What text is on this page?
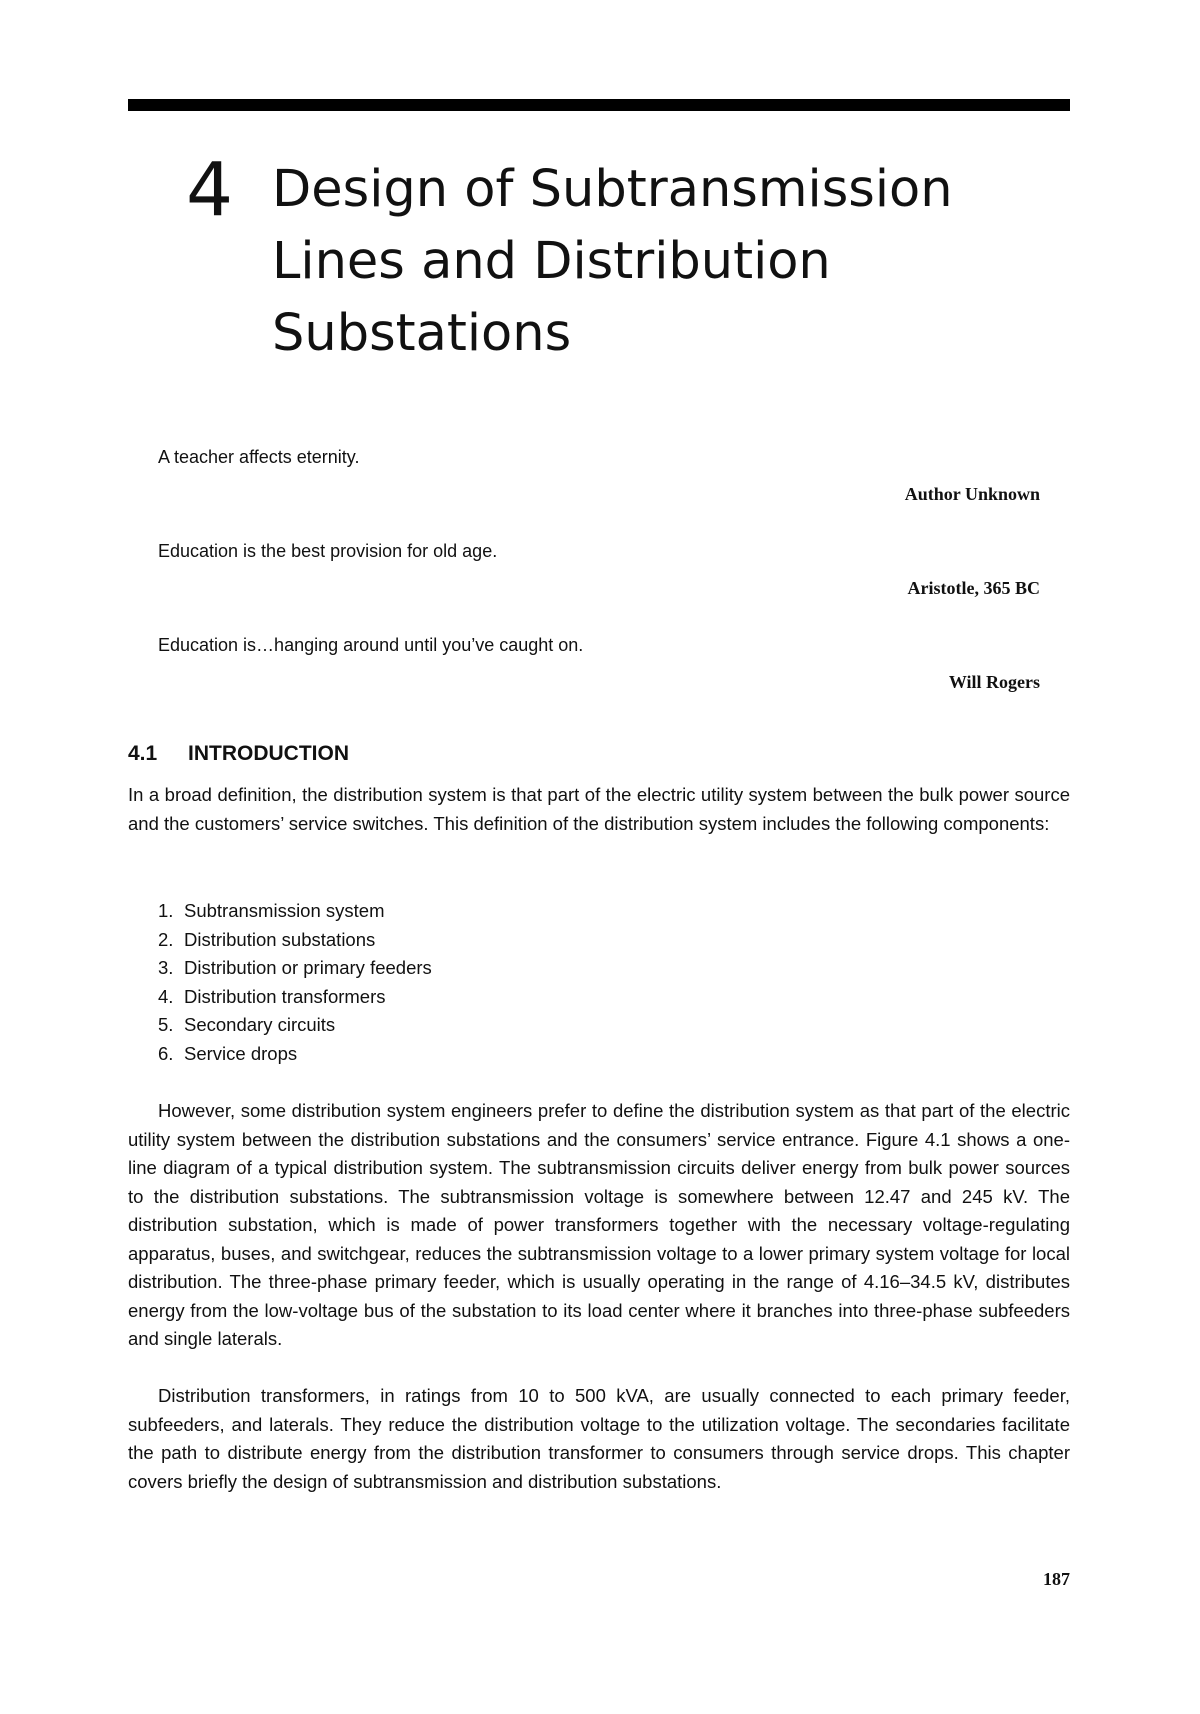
4 Design of Subtransmission
Lines and Distribution
Substations
A teacher affects eternity.
Author Unknown
Education is the best provision for old age.
Aristotle, 365 BC
Education is…hanging around until you’ve caught on.
Will Rogers
4.1 INTRODUCTION

In a broad definition, the distribution system is that part of the electric utility system between the bulk power source and the customers’ service switches. This definition of the distribution system includes the following components:

1. Subtransmission system
2. Distribution substations
3. Distribution or primary feeders
4. Distribution transformers
5. Secondary circuits
6. Service drops

However, some distribution system engineers prefer to define the distribution system as that part of the electric utility system between the distribution substations and the consumers’ service entrance. Figure 4.1 shows a one-line diagram of a typical distribution system. The subtransmission circuits deliver energy from bulk power sources to the distribution substations. The subtransmission voltage is somewhere between 12.47 and 245 kV. The distribution substation, which is made of power transformers together with the necessary voltage-regulating apparatus, buses, and switchgear, reduces the subtransmission voltage to a lower primary system voltage for local distribution. The three-phase primary feeder, which is usually operating in the range of 4.16–34.5 kV, distributes energy from the low-voltage bus of the substation to its load center where it branches into three-phase subfeeders and single laterals.

Distribution transformers, in ratings from 10 to 500 kVA, are usually connected to each primary feeder, subfeeders, and laterals. They reduce the distribution voltage to the utilization voltage. The secondaries facilitate the path to distribute energy from the distribution transformer to consumers through service drops. This chapter covers briefly the design of subtransmission and distribution substations.

187
